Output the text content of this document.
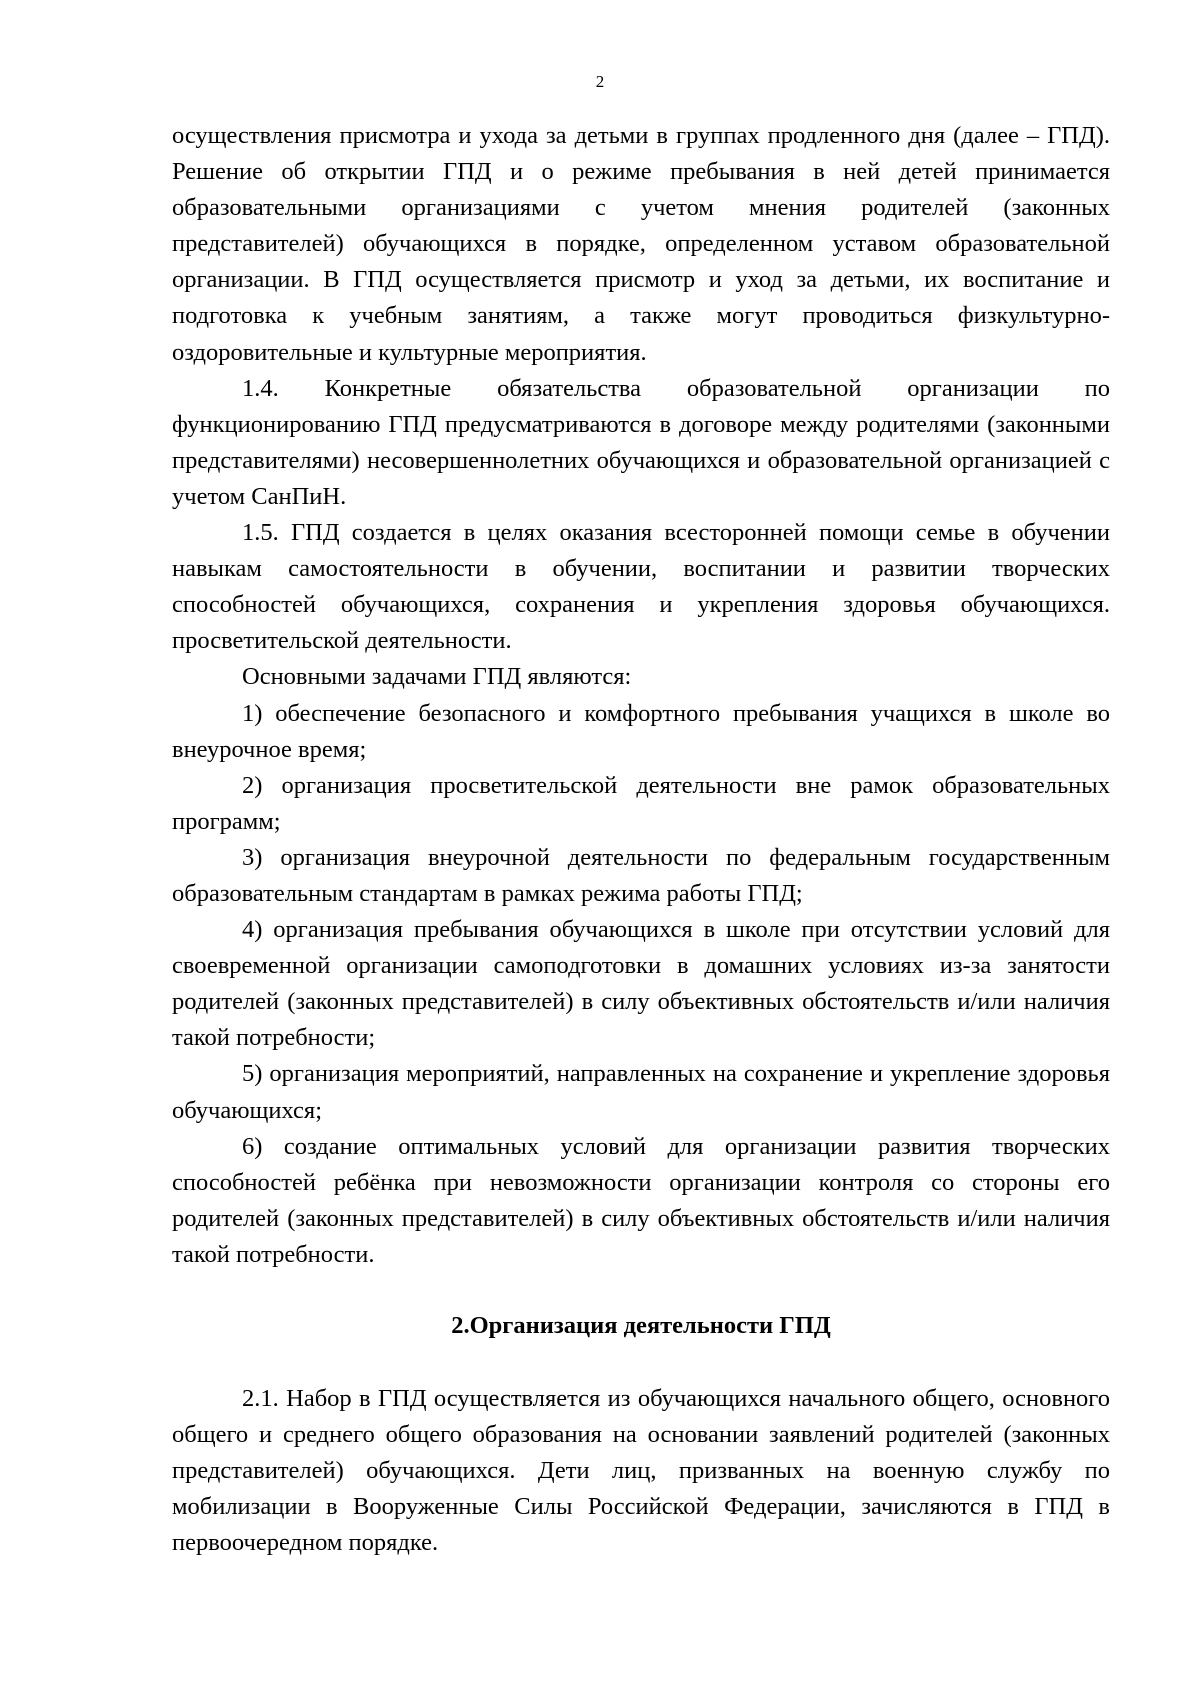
2

осуществления присмотра и ухода за детьми в группах продленного дня (далее – ГПД). Решение об открытии ГПД и о режиме пребывания в ней детей принимается образовательными организациями с учетом мнения родителей (законных представителей) обучающихся в порядке, определенном уставом образовательной организации. В ГПД осуществляется присмотр и уход за детьми, их воспитание и подготовка к учебным занятиям, а также могут проводиться физкультурно-оздоровительные и культурные мероприятия.

1.4. Конкретные обязательства образовательной организации по функционированию ГПД предусматриваются в договоре между родителями (законными представителями) несовершеннолетних обучающихся и образовательной организацией с учетом СанПиН.

1.5. ГПД создается в целях оказания всесторонней помощи семье в обучении навыкам самостоятельности в обучении, воспитании и развитии творческих способностей обучающихся, сохранения и укрепления здоровья обучающихся. просветительской деятельности.

Основными задачами ГПД являются:

1) обеспечение безопасного и комфортного пребывания учащихся в школе во внеурочное время;

2) организация просветительской деятельности вне рамок образовательных программ;

3) организация внеурочной деятельности по федеральным государственным образовательным стандартам в рамках режима работы ГПД;

4) организация пребывания обучающихся в школе при отсутствии условий для своевременной организации самоподготовки в домашних условиях из-за занятости родителей (законных представителей) в силу объективных обстоятельств и/или наличия такой потребности;

5) организация мероприятий, направленных на сохранение и укрепление здоровья обучающихся;

6) создание оптимальных условий для организации развития творческих способностей ребёнка при невозможности организации контроля со стороны его родителей (законных представителей) в силу объективных обстоятельств и/или наличия такой потребности.

2.Организация деятельности ГПД

2.1. Набор в ГПД осуществляется из обучающихся начального общего, основного общего и среднего общего образования на основании заявлений родителей (законных представителей) обучающихся. Дети лиц, призванных на военную службу по мобилизации в Вооруженные Силы Российской Федерации, зачисляются в ГПД в первоочередном порядке.
